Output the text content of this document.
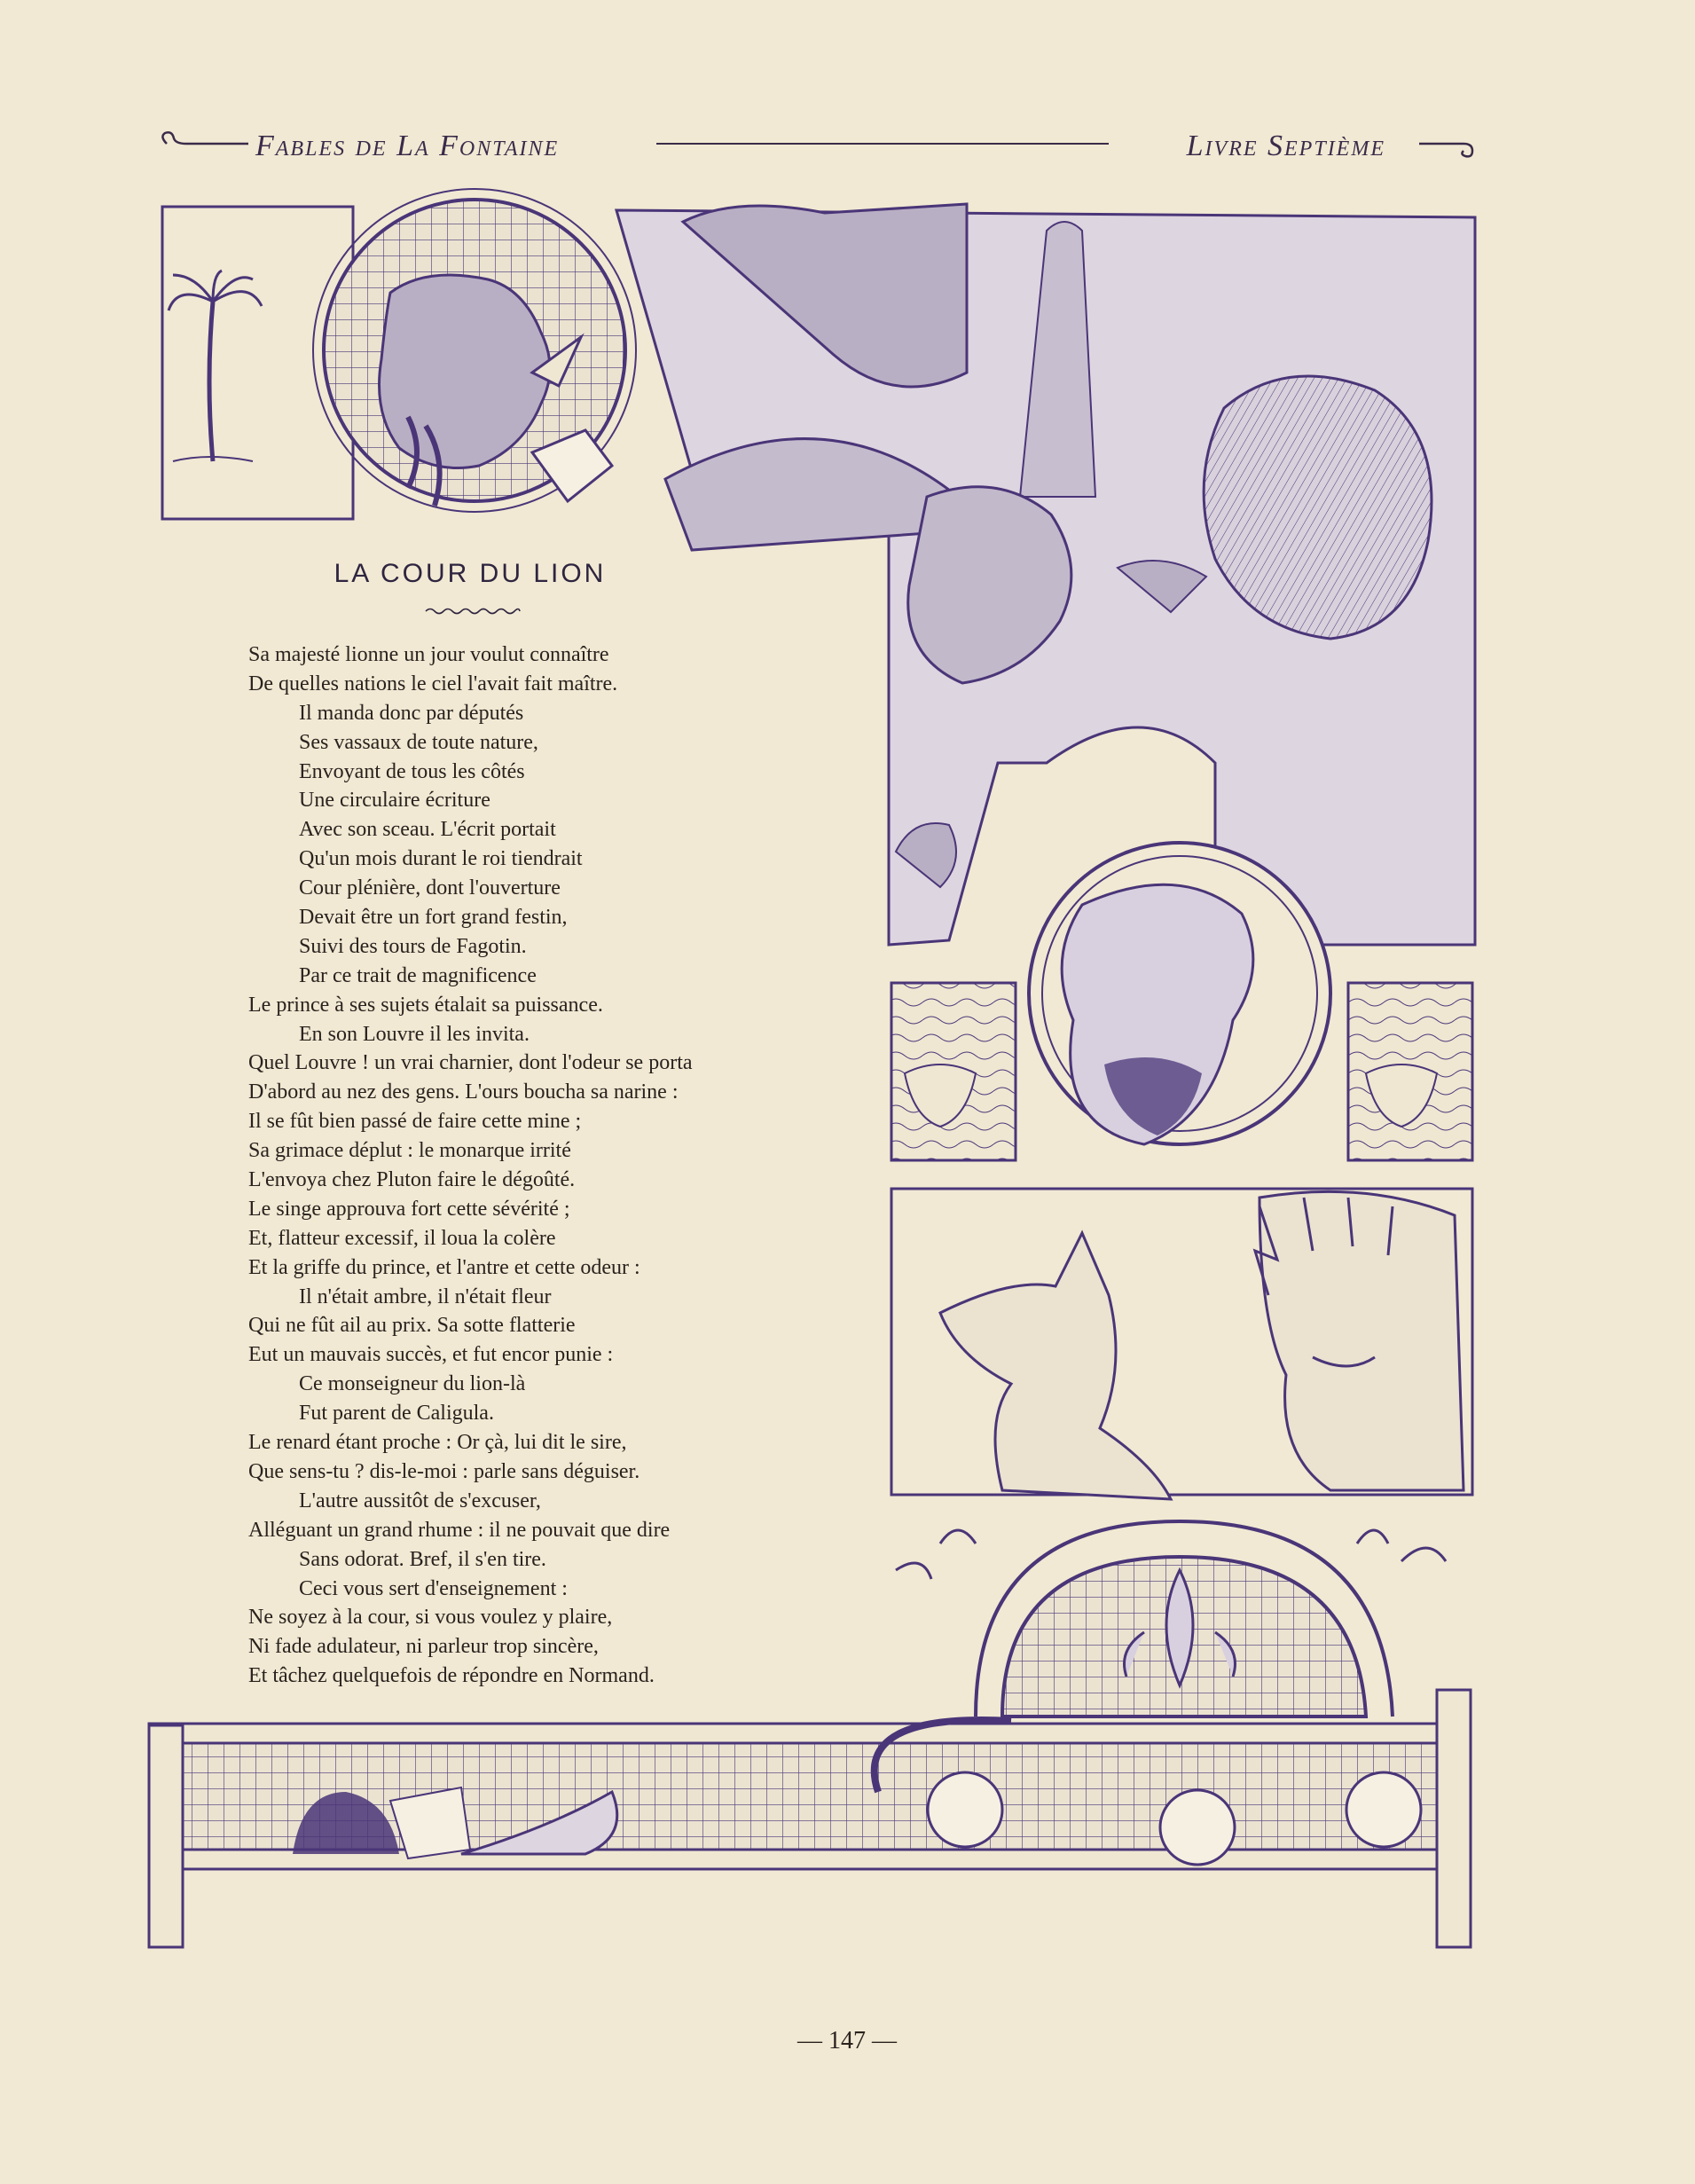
Fables de La Fontaine	Livre Septième
LA COUR DU LION
Sa majesté lionne un jour voulut connaître
De quelles nations le ciel l'avait fait maître.
Il manda donc par députés
Ses vassaux de toute nature,
Envoyant de tous les côtés
Une circulaire écriture
Avec son sceau. L'écrit portait
Qu'un mois durant le roi tiendrait
Cour plénière, dont l'ouverture
Devait être un fort grand festin,
Suivi des tours de Fagotin.
Par ce trait de magnificence
Le prince à ses sujets étalait sa puissance.
En son Louvre il les invita.
Quel Louvre ! un vrai charnier, dont l'odeur se porta
D'abord au nez des gens. L'ours boucha sa narine :
Il se fût bien passé de faire cette mine ;
Sa grimace déplut : le monarque irrité
L'envoya chez Pluton faire le dégoûté.
Le singe approuva fort cette sévérité ;
Et, flatteur excessif, il loua la colère
Et la griffe du prince, et l'antre et cette odeur :
Il n'était ambre, il n'était fleur
Qui ne fût ail au prix. Sa sotte flatterie
Eut un mauvais succès, et fut encor punie :
Ce monseigneur du lion-là
Fut parent de Caligula.
Le renard étant proche : Or çà, lui dit le sire,
Que sens-tu ? dis-le-moi : parle sans déguiser.
L'autre aussitôt de s'excuser,
Alléguant un grand rhume : il ne pouvait que dire
Sans odorat. Bref, il s'en tire.
Ceci vous sert d'enseignement :
Ne soyez à la cour, si vous voulez y plaire,
Ni fade adulateur, ni parleur trop sincère,
Et tâchez quelquefois de répondre en Normand.
— 147 —
